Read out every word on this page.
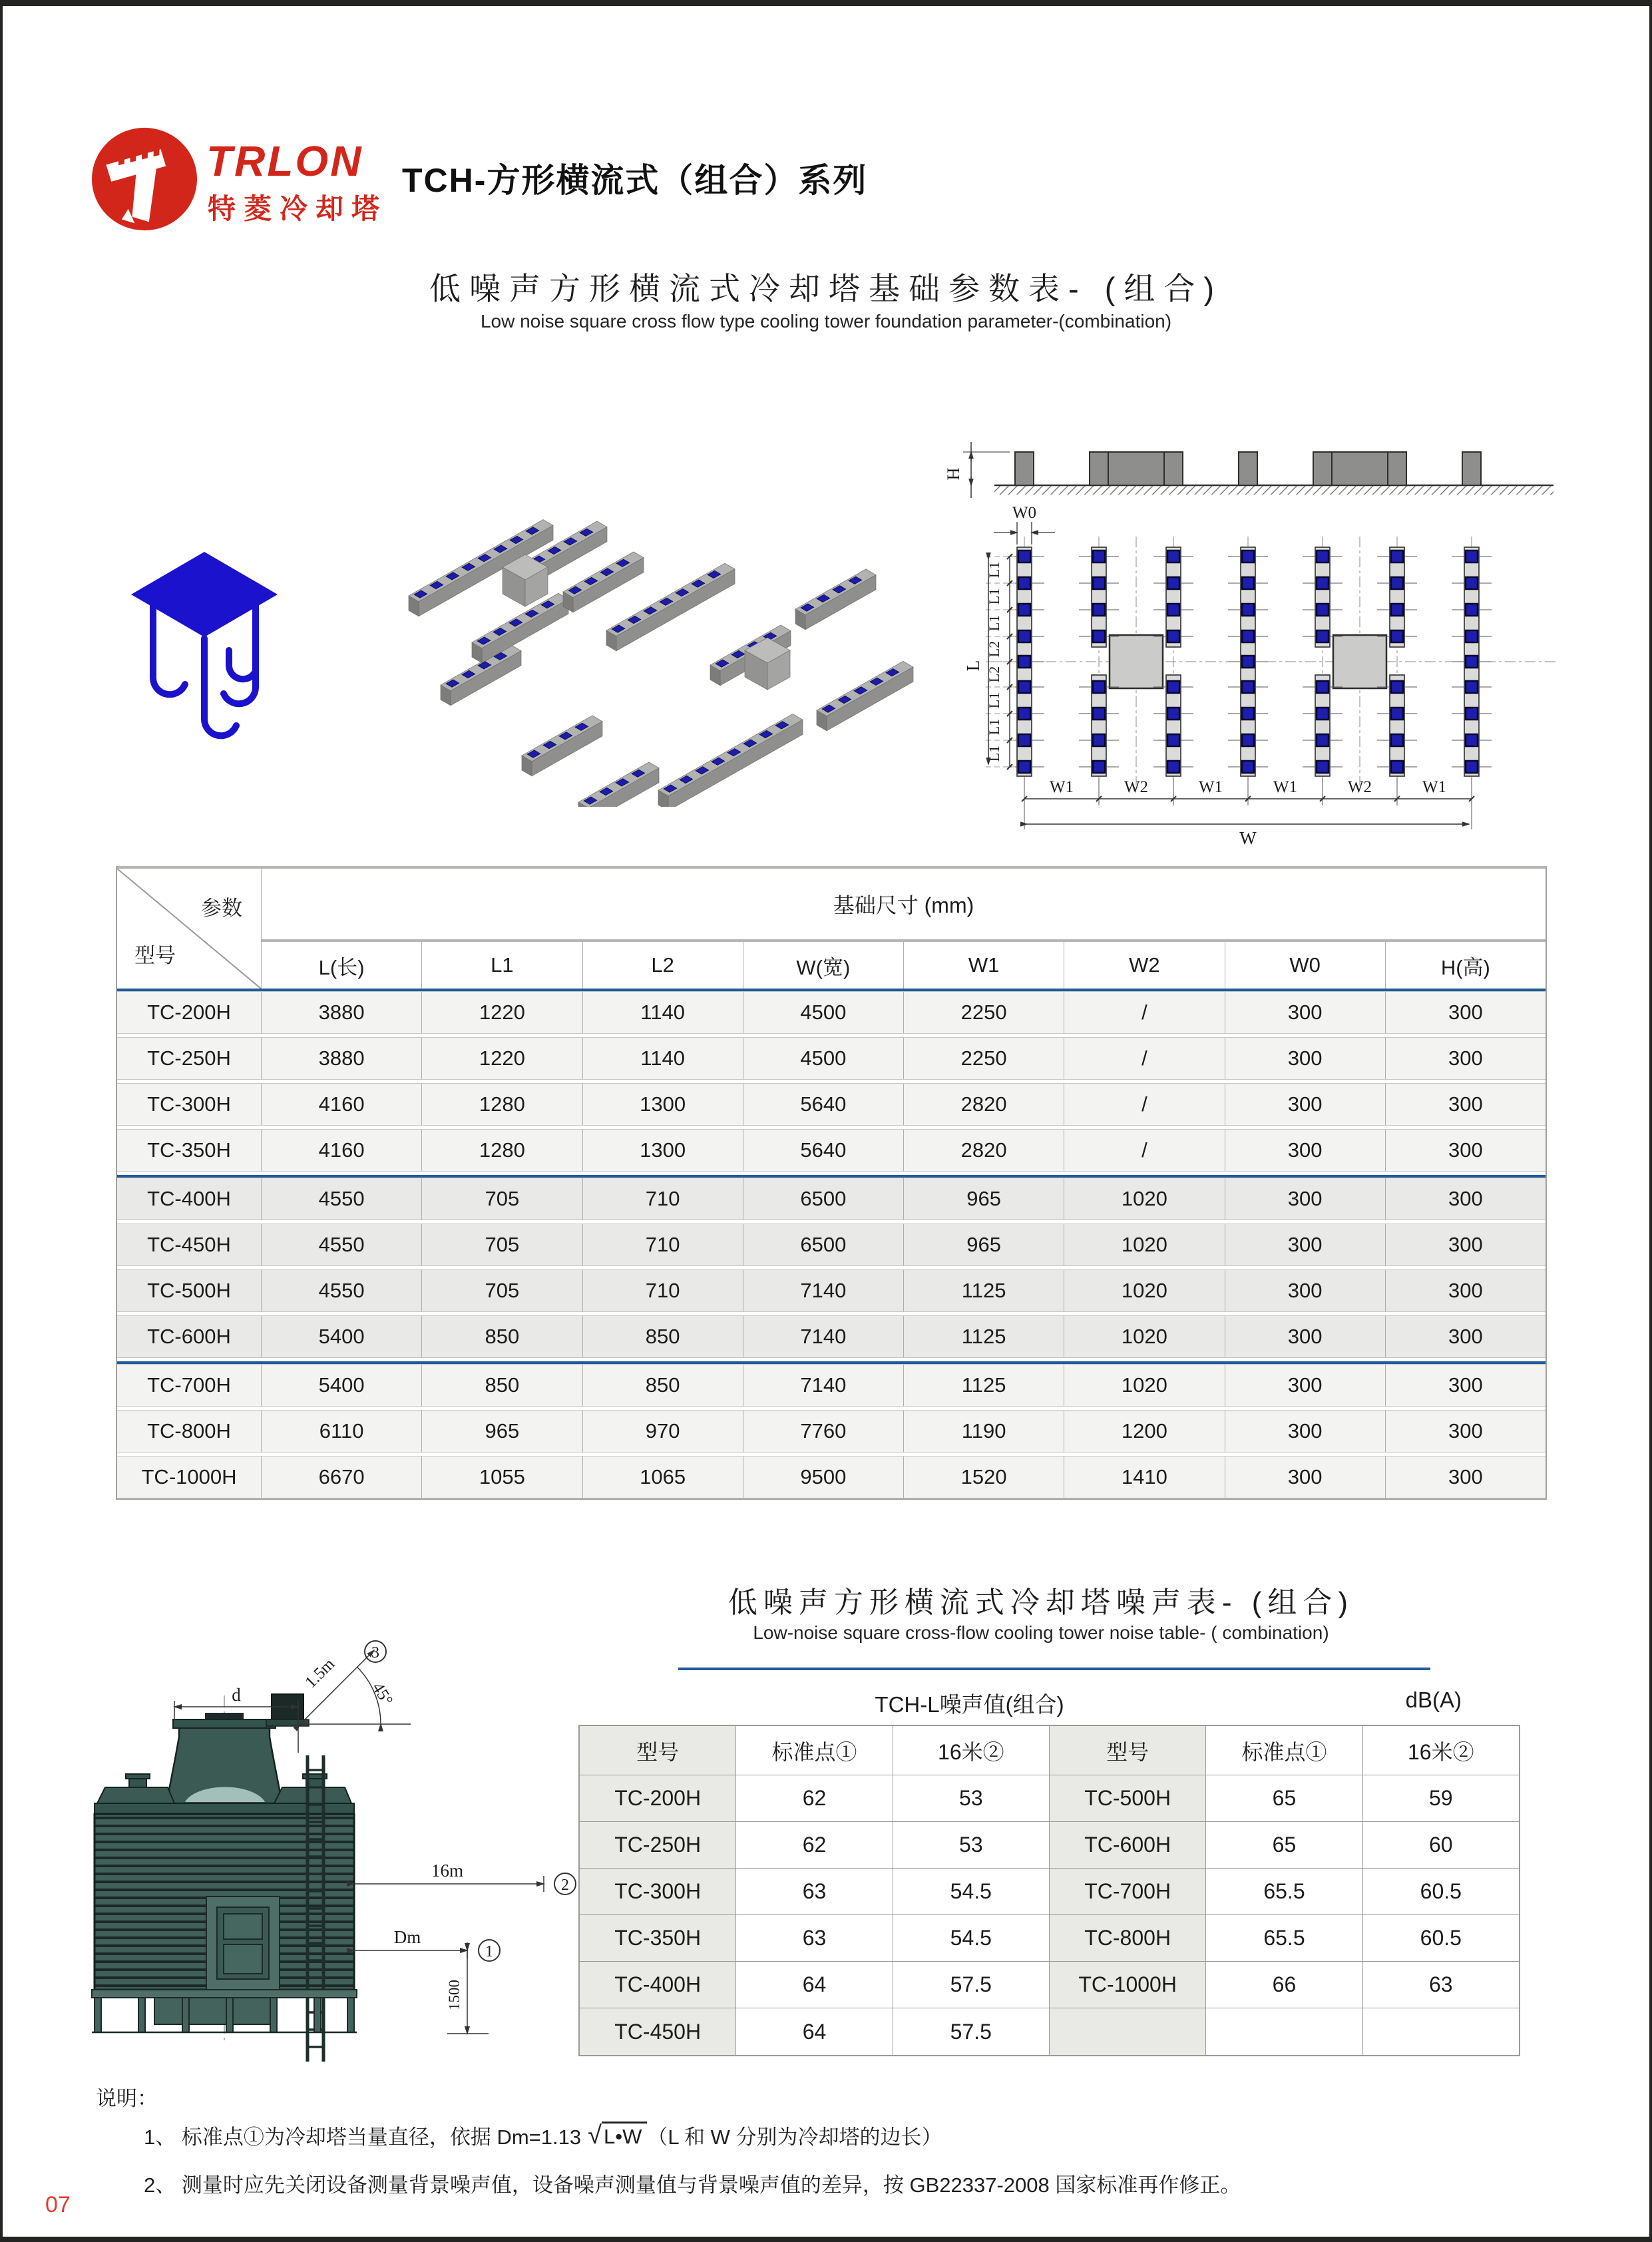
TRLON
特菱冷却塔
TCH-方形横流式（组合）系列
低噪声方形横流式冷却塔基础参数表- (组合)
Low noise square cross flow type cooling tower foundation parameter-(combination)
H
W0
L1
L1
L1
L2
L2
L1
L1
L1
L
W1	W2	W1	W1	W2	W1
W
参数
型号
基础尺寸 (mm)
L(长)	L1	L2	W(宽)	W1	W2	W0	H(高)
TC-200H	3880	1220	1140	4500	2250	/	300	300
TC-250H	3880	1220	1140	4500	2250	/	300	300
TC-300H	4160	1280	1300	5640	2820	/	300	300
TC-350H	4160	1280	1300	5640	2820	/	300	300
TC-400H	4550	705	710	6500	965	1020	300	300
TC-450H	4550	705	710	6500	965	1020	300	300
TC-500H	4550	705	710	7140	1125	1020	300	300
TC-600H	5400	850	850	7140	1125	1020	300	300
TC-700H	5400	850	850	7140	1125	1020	300	300
TC-800H	6110	965	970	7760	1190	1200	300	300
TC-1000H	6670	1055	1065	9500	1520	1410	300	300
低噪声方形横流式冷却塔噪声表- (组合)
Low-noise square cross-flow cooling tower noise table- ( combination)
d
1.5m
45°
16m
Dm
1500
3
2
1
TCH-L噪声值(组合)	dB(A)
型号	标准点①	16米②	型号	标准点①	16米②
TC-200H	62	53	TC-500H	65	59
TC-250H	62	53	TC-600H	65	60
TC-300H	63	54.5	TC-700H	65.5	60.5
TC-350H	63	54.5	TC-800H	65.5	60.5
TC-400H	64	57.5	TC-1000H	66	63
TC-450H	64	57.5
说明：
1、 标准点①为冷却塔当量直径，依据 Dm=1.13 √ L•W （L 和 W 分别为冷却塔的边长）
2、 测量时应先关闭设备测量背景噪声值，设备噪声测量值与背景噪声值的差异，按 GB22337-2008 国家标准再作修正。
07
